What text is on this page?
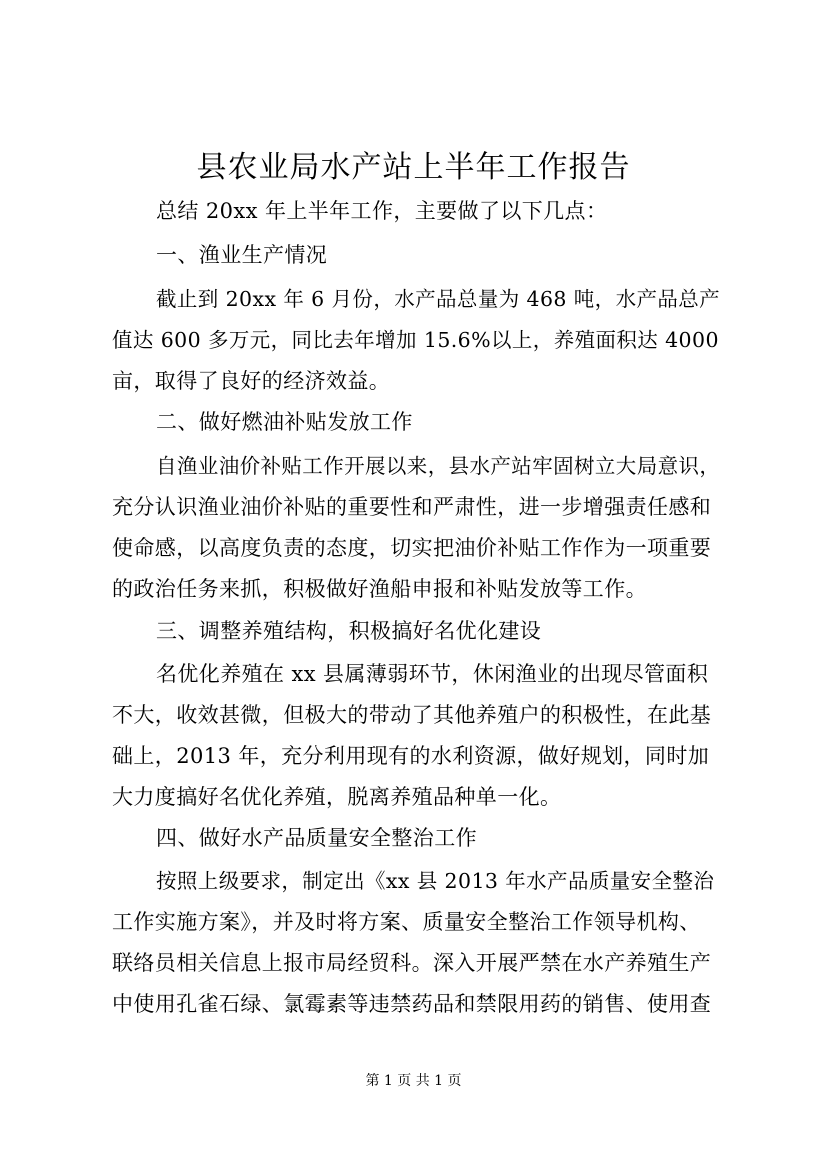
县农业局水产站上半年工作报告
总结 20xx 年上半年工作，主要做了以下几点：
一、渔业生产情况
截止到 20xx 年 6 月份，水产品总量为 468 吨，水产品总产
值达 600 多万元，同比去年增加 15.6%以上，养殖面积达 4000
亩，取得了良好的经济效益。
二、做好燃油补贴发放工作
自渔业油价补贴工作开展以来，县水产站牢固树立大局意识，
充分认识渔业油价补贴的重要性和严肃性，进一步增强责任感和
使命感，以高度负责的态度，切实把油价补贴工作作为一项重要
的政治任务来抓，积极做好渔船申报和补贴发放等工作。
三、调整养殖结构，积极搞好名优化建设
名优化养殖在 xx 县属薄弱环节，休闲渔业的出现尽管面积
不大，收效甚微，但极大的带动了其他养殖户的积极性，在此基
础上，2013 年，充分利用现有的水利资源，做好规划，同时加
大力度搞好名优化养殖，脱离养殖品种单一化。
四、做好水产品质量安全整治工作
按照上级要求，制定出《xx 县 2013 年水产品质量安全整治
工作实施方案》，并及时将方案、质量安全整治工作领导机构、
联络员相关信息上报市局经贸科。深入开展严禁在水产养殖生产
中使用孔雀石绿、氯霉素等违禁药品和禁限用药的销售、使用查
第 1 页 共 1 页
